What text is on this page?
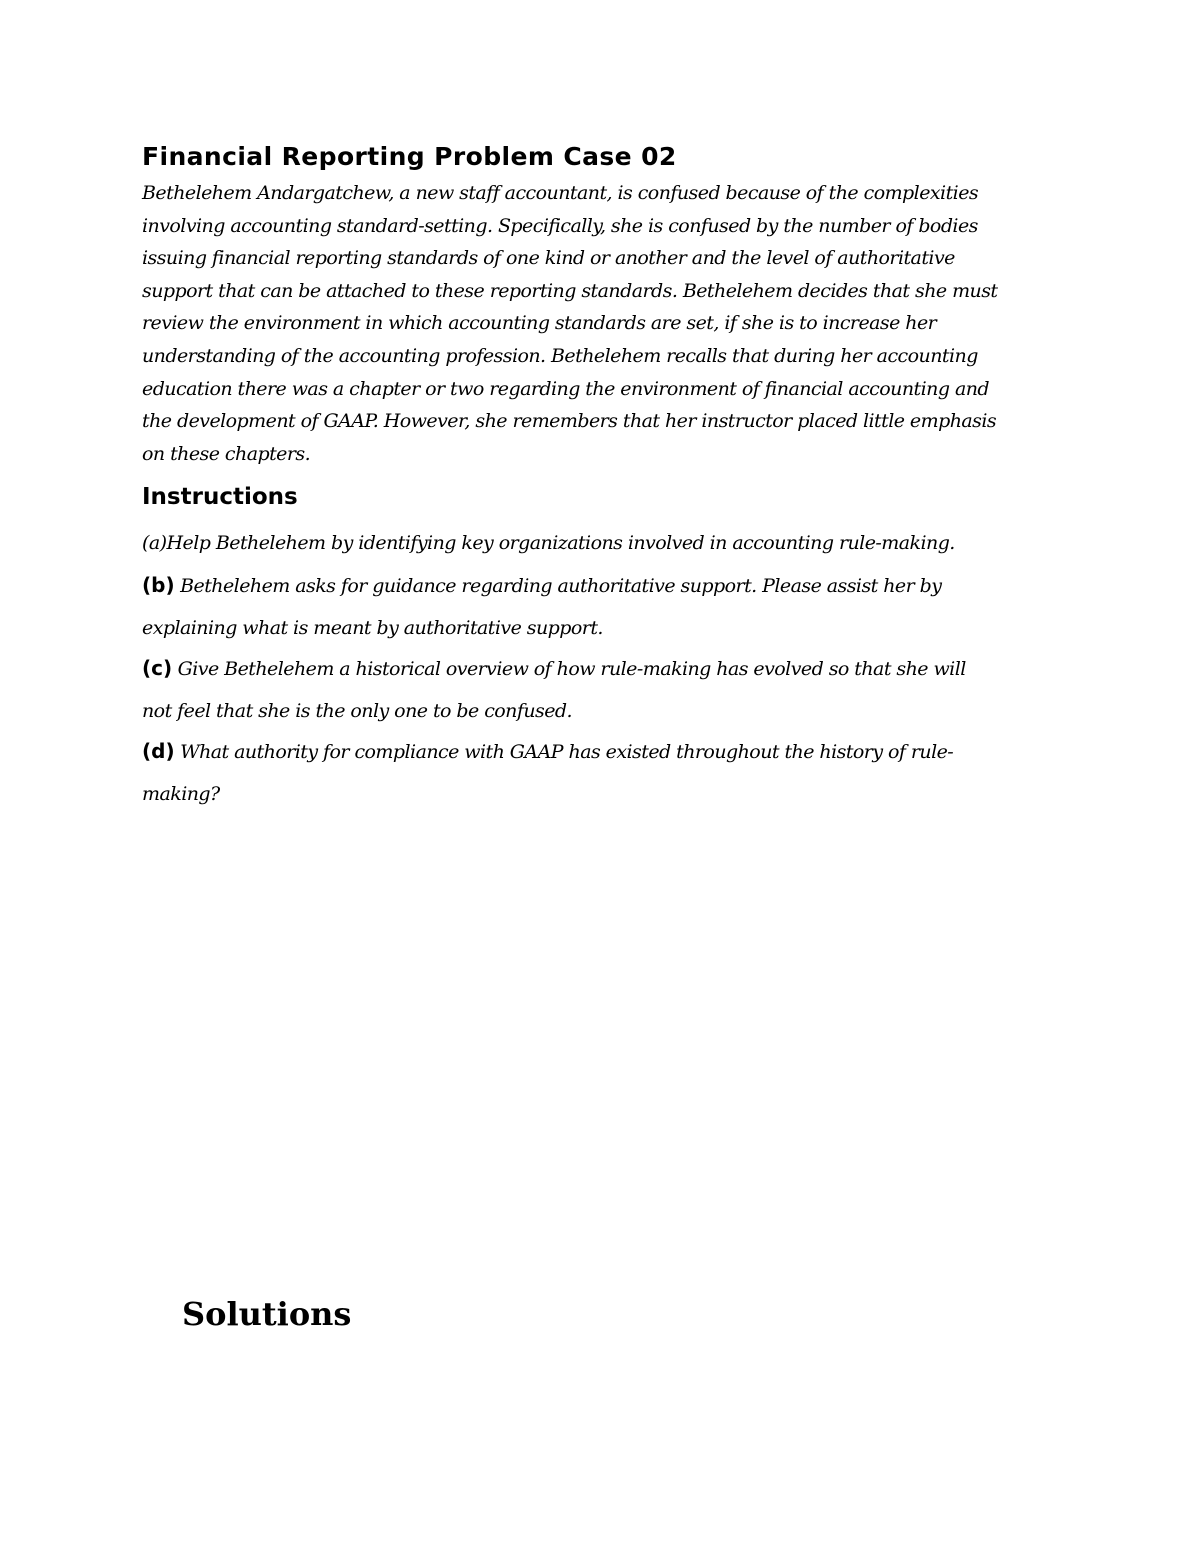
Financial Reporting Problem Case 02

Bethelehem Andargatchew, a new staff accountant, is confused because of the complexities
involving accounting standard-setting. Specifically, she is confused by the number of bodies
issuing financial reporting standards of one kind or another and the level of authoritative
support that can be attached to these reporting standards. Bethelehem decides that she must
review the environment in which accounting standards are set, if she is to increase her
understanding of the accounting profession. Bethelehem recalls that during her accounting
education there was a chapter or two regarding the environment of financial accounting and
the development of GAAP. However, she remembers that her instructor placed little emphasis
on these chapters.

Instructions

(a)Help Bethelehem by identifying key organizations involved in accounting rule-making.

(b) Bethelehem asks for guidance regarding authoritative support. Please assist her by
explaining what is meant by authoritative support.

(c) Give Bethelehem a historical overview of how rule-making has evolved so that she will
not feel that she is the only one to be confused.

(d) What authority for compliance with GAAP has existed throughout the history of rule-
making?

Solutions
